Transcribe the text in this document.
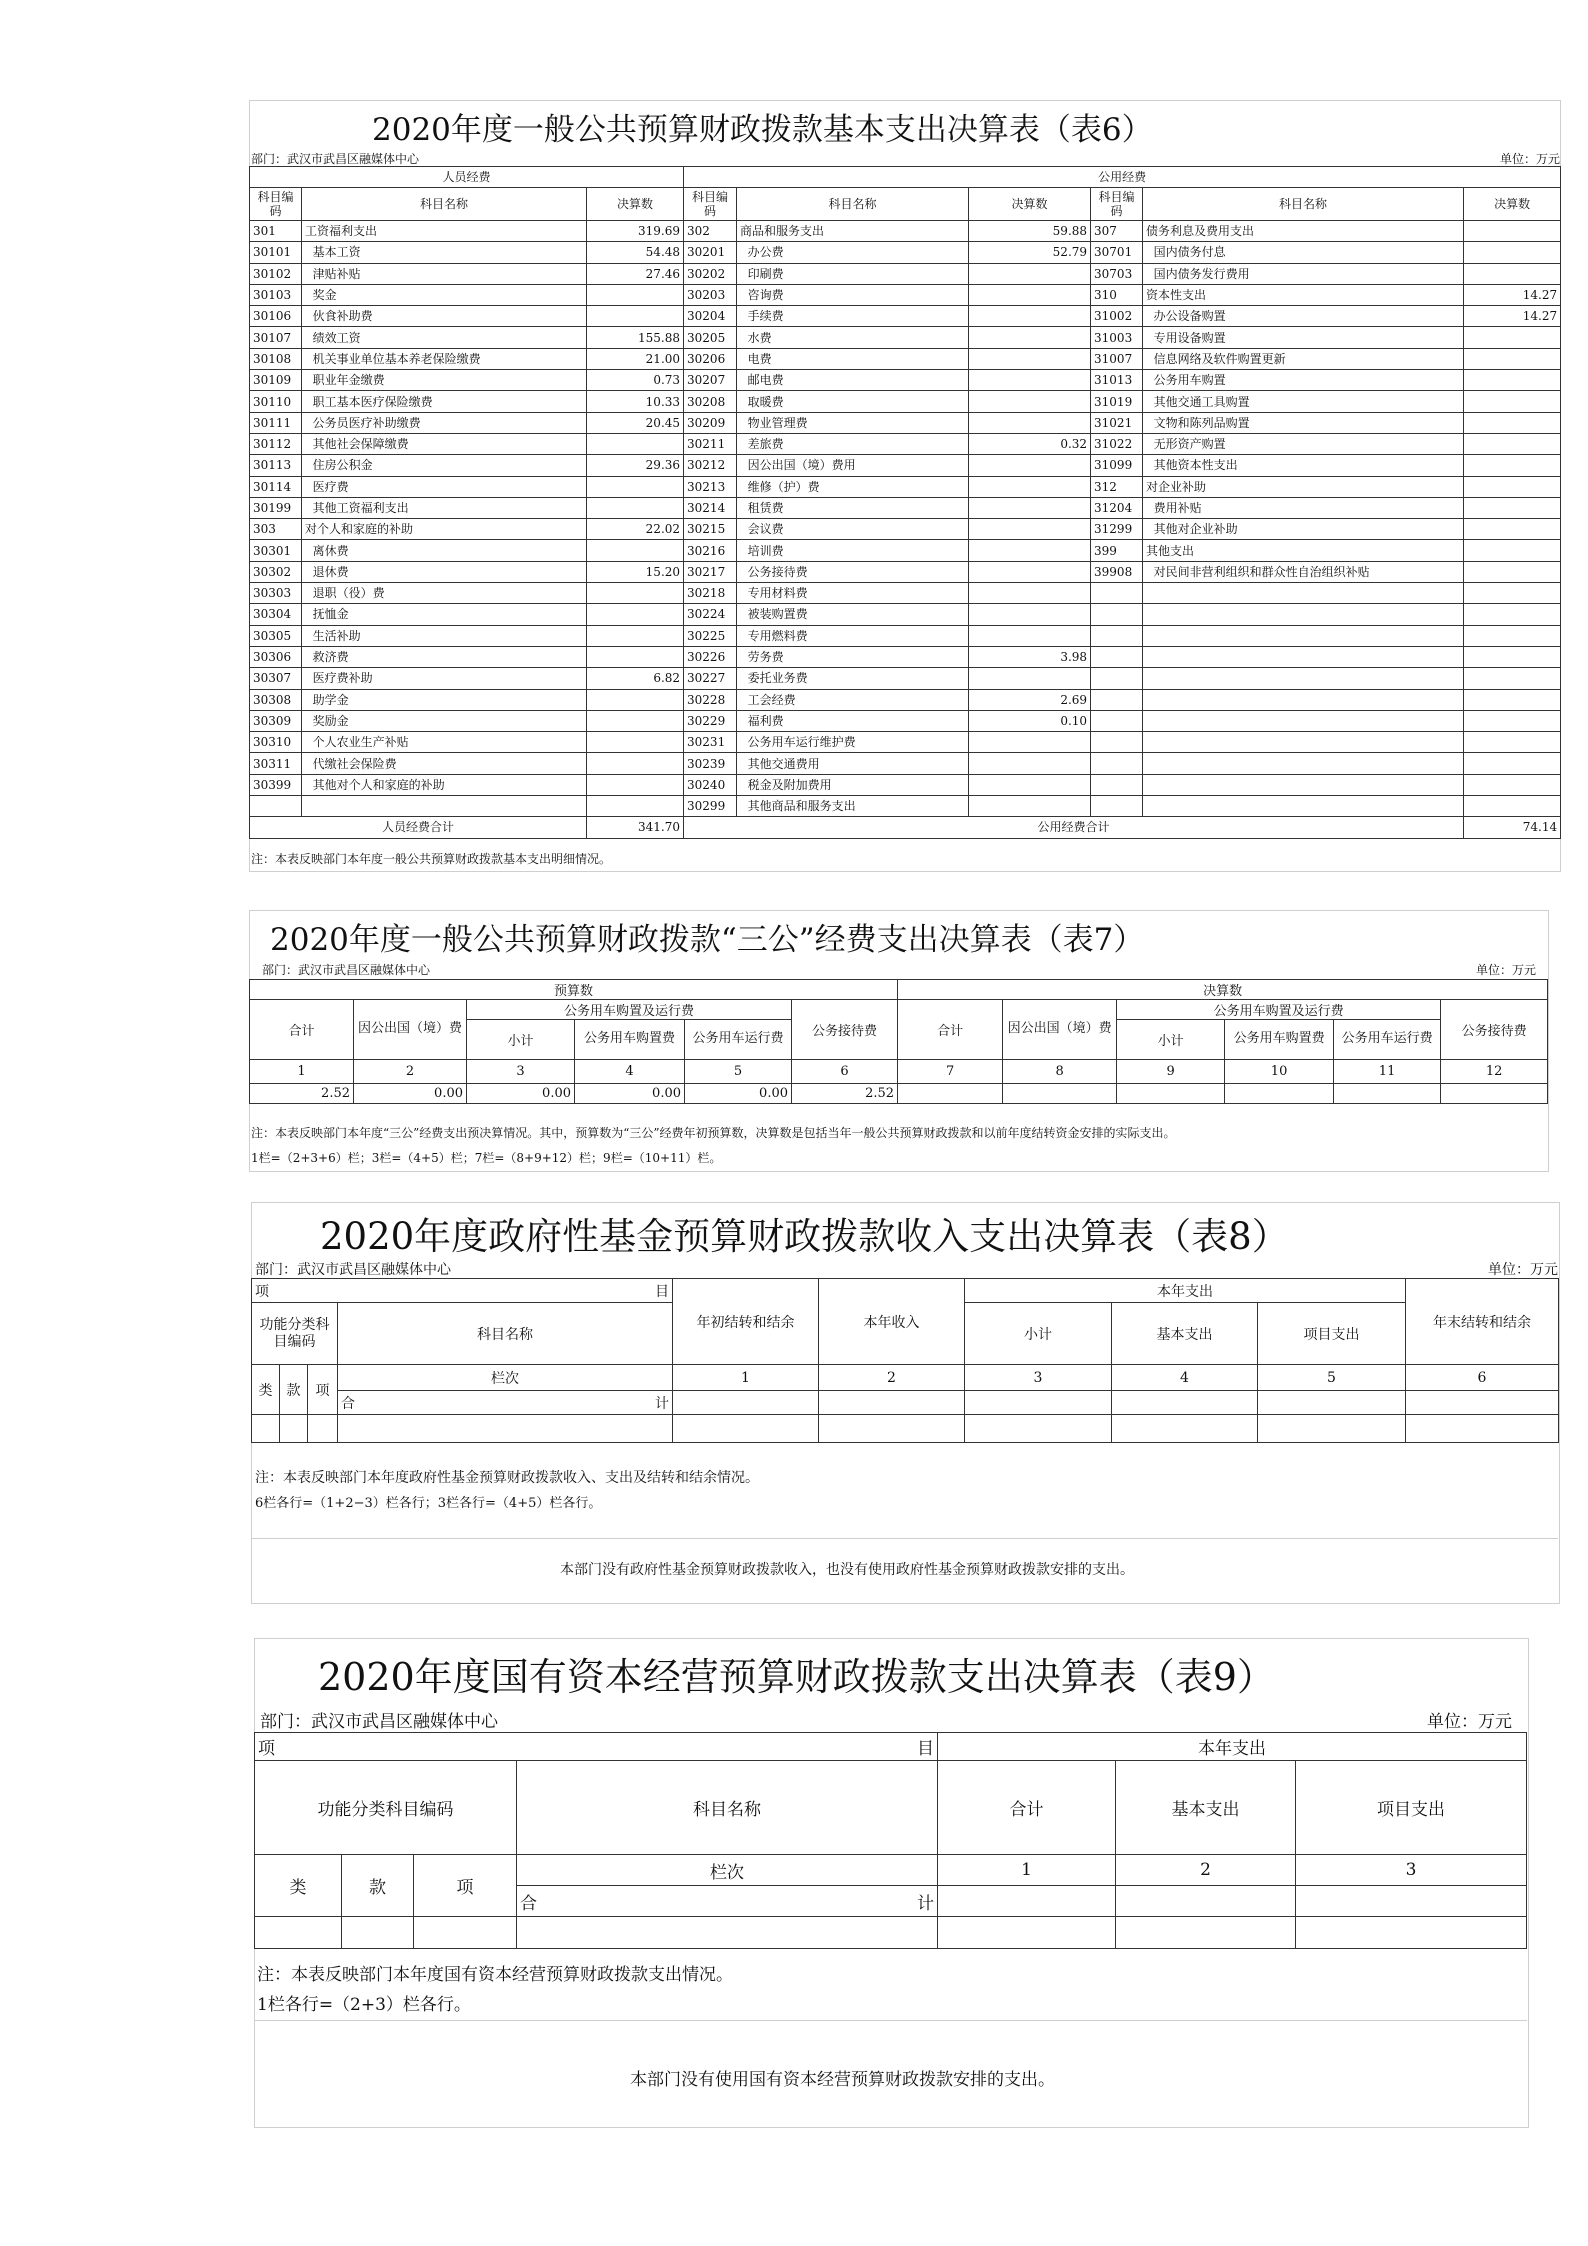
2020年度一般公共预算财政拨款基本支出决算表（表6）
部门：武汉市武昌区融媒体中心	单位：万元
人员经费			公用经费					
科目编码	科目名称	决算数	科目编码	科目名称	决算数	科目编码	科目名称	决算数
301	工资福利支出	319.69	302	商品和服务支出	59.88	307	债务利息及费用支出	
30101	基本工资	54.48	30201	办公费	52.79	30701	国内债务付息	
30102	津贴补贴	27.46	30202	印刷费		30703	国内债务发行费用	
30103	奖金		30203	咨询费		310	资本性支出	14.27
30106	伙食补助费		30204	手续费		31002	办公设备购置	14.27
30107	绩效工资	155.88	30205	水费		31003	专用设备购置	
30108	机关事业单位基本养老保险缴费	21.00	30206	电费		31007	信息网络及软件购置更新	
30109	职业年金缴费	0.73	30207	邮电费		31013	公务用车购置	
30110	职工基本医疗保险缴费	10.33	30208	取暖费		31019	其他交通工具购置	
30111	公务员医疗补助缴费	20.45	30209	物业管理费		31021	文物和陈列品购置	
30112	其他社会保障缴费		30211	差旅费	0.32	31022	无形资产购置	
30113	住房公积金	29.36	30212	因公出国（境）费用		31099	其他资本性支出	
30114	医疗费		30213	维修（护）费		312	对企业补助	
30199	其他工资福利支出		30214	租赁费		31204	费用补贴	
303	对个人和家庭的补助	22.02	30215	会议费		31299	其他对企业补助	
30301	离休费		30216	培训费		399	其他支出	
30302	退休费	15.20	30217	公务接待费		39908	对民间非营利组织和群众性自治组织补贴	
30303	退职（役）费		30218	专用材料费				
30304	抚恤金		30224	被装购置费				
30305	生活补助		30225	专用燃料费				
30306	救济费		30226	劳务费	3.98			
30307	医疗费补助	6.82	30227	委托业务费				
30308	助学金		30228	工会经费	2.69			
30309	奖励金		30229	福利费	0.10			
30310	个人农业生产补贴		30231	公务用车运行维护费				
30311	代缴社会保险费		30239	其他交通费用				
30399	其他对个人和家庭的补助		30240	税金及附加费用				
			30299	其他商品和服务支出				
人员经费合计		341.70	公用经费合计					74.14
注：本表反映部门本年度一般公共预算财政拨款基本支出明细情况。
2020年度一般公共预算财政拨款“三公”经费支出决算表（表7）
部门：武汉市武昌区融媒体中心	单位：万元
预算数						决算数					
合计	因公出国（境）费	公务用车购置及运行费			公务接待费	合计	因公出国（境）费	公务用车购置及运行费			公务接待费
		小计	公务用车购置费	公务用车运行费				小计	公务用车购置费	公务用车运行费	
1	2	3	4	5	6	7	8	9	10	11	12
2.52	0.00	0.00	0.00	0.00	2.52						
注：本表反映部门本年度“三公”经费支出预决算情况。其中，预算数为“三公”经费年初预算数，决算数是包括当年一般公共预算财政拨款和以前年度结转资金安排的实际支出。
1栏=（2+3+6）栏；3栏=（4+5）栏；7栏=（8+9+12）栏；9栏=（10+11）栏。
2020年度政府性基金预算财政拨款收入支出决算表（表8）
部门：武汉市武昌区融媒体中心	单位：万元
项 目				年初结转和结余	本年收入	本年支出			年末结转和结余
功能分类科目编码			科目名称			小计	基本支出	项目支出	
类	款	项	栏次	1	2	3	4	5	6

			合 计						

注：本表反映部门本年度政府性基金预算财政拨款收入、支出及结转和结余情况。
6栏各行=（1+2−3）栏各行；3栏各行=（4+5）栏各行。
本部门没有政府性基金预算财政拨款收入，也没有使用政府性基金预算财政拨款安排的支出。
2020年度国有资本经营预算财政拨款支出决算表（表9）
部门：武汉市武昌区融媒体中心	单位：万元
项 目				本年支出		
功能分类科目编码			科目名称	合计	基本支出	项目支出
类	款	项	栏次	1	2	3

			合 计			

注：本表反映部门本年度国有资本经营预算财政拨款支出情况。
1栏各行=（2+3）栏各行。
本部门没有使用国有资本经营预算财政拨款安排的支出。
